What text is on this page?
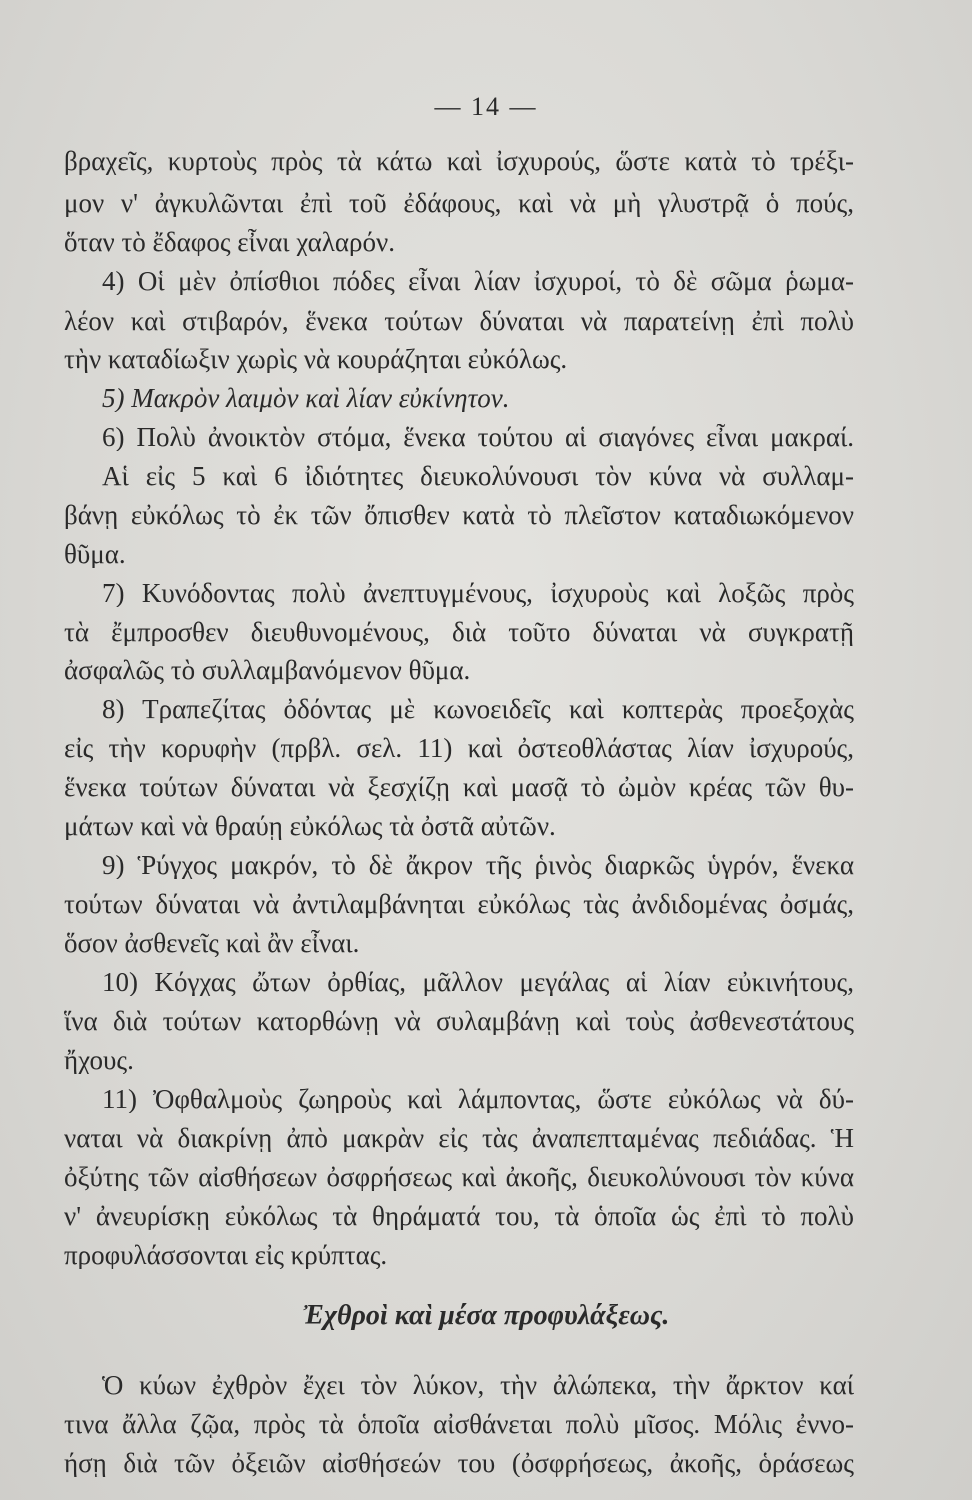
— 14 —
βραχεῖς, κυρτοὺς πρὸς τὰ κάτω καὶ ἰσχυρούς, ὥστε κατὰ τὸ τρέξι-
μον ν' ἀγκυλῶνται ἐπὶ τοῦ ἐδάφους, καὶ νὰ μὴ γλυστρᾷ ὁ πούς,
ὅταν τὸ ἔδαφος εἶναι χαλαρόν.
4) Οἱ μὲν ὀπίσθιοι πόδες εἶναι λίαν ἰσχυροί, τὸ δὲ σῶμα ῥωμα-
λέον καὶ στιβαρόν, ἕνεκα τούτων δύναται νὰ παρατείνῃ ἐπὶ πολὺ
τὴν καταδίωξιν χωρὶς νὰ κουράζηται εὐκόλως.
5) Μακρὸν λαιμὸν καὶ λίαν εὐκίνητον.
6) Πολὺ ἀνοικτὸν στόμα, ἕνεκα τούτου αἱ σιαγόνες εἶναι μακραί.
Αἱ εἰς 5 καὶ 6 ἰδιότητες διευκολύνουσι τὸν κύνα νὰ συλλαμ-
βάνῃ εὐκόλως τὸ ἐκ τῶν ὄπισθεν κατὰ τὸ πλεῖστον καταδιωκόμενον
θῦμα.
7) Κυνόδοντας πολὺ ἀνεπτυγμένους, ἰσχυροὺς καὶ λοξῶς πρὸς
τὰ ἔμπροσθεν διευθυνομένους, διὰ τοῦτο δύναται νὰ συγκρατῇ
ἀσφαλῶς τὸ συλλαμβανόμενον θῦμα.
8) Τραπεζίτας ὀδόντας μὲ κωνοειδεῖς καὶ κοπτερὰς προεξοχὰς
εἰς τὴν κορυφὴν (πρβλ. σελ. 11) καὶ ὀστεοθλάστας λίαν ἰσχυρούς,
ἕνεκα τούτων δύναται νὰ ξεσχίζῃ καὶ μασᾷ τὸ ὠμὸν κρέας τῶν θυ-
μάτων καὶ νὰ θραύῃ εὐκόλως τὰ ὀστᾶ αὐτῶν.
9) Ῥύγχος μακρόν, τὸ δὲ ἄκρον τῆς ῥινὸς διαρκῶς ὑγρόν, ἕνεκα
τούτων δύναται νὰ ἀντιλαμβάνηται εὐκόλως τὰς ἀνδιδομένας ὀσμάς,
ὅσον ἀσθενεῖς καὶ ἂν εἶναι.
10) Κόγχας ὤτων ὀρθίας, μᾶλλον μεγάλας αἱ λίαν εὐκινήτους,
ἵνα διὰ τούτων κατορθώνῃ νὰ συλαμβάνῃ καὶ τοὺς ἀσθενεστάτους
ἤχους.
11) Ὀφθαλμοὺς ζωηροὺς καὶ λάμποντας, ὥστε εὐκόλως νὰ δύ-
ναται νὰ διακρίνῃ ἀπὸ μακρὰν εἰς τὰς ἀναπεπταμένας πεδιάδας. Ἡ
ὀξύτης τῶν αἰσθήσεων ὀσφρήσεως καὶ ἀκοῆς, διευκολύνουσι τὸν κύνα
ν' ἀνευρίσκῃ εὐκόλως τὰ θηράματά του, τὰ ὁποῖα ὡς ἐπὶ τὸ πολὺ
προφυλάσσονται εἰς κρύπτας.
Ἐχθροὶ καὶ μέσα προφυλάξεως.
Ὁ κύων ἐχθρὸν ἔχει τὸν λύκον, τὴν ἀλώπεκα, τὴν ἄρκτον καί
τινα ἄλλα ζῷα, πρὸς τὰ ὁποῖα αἰσθάνεται πολὺ μῖσος. Μόλις ἐννο-
ήσῃ διὰ τῶν ὀξειῶν αἰσθήσεών του (ὀσφρήσεως, ἀκοῆς, ὁράσεως
